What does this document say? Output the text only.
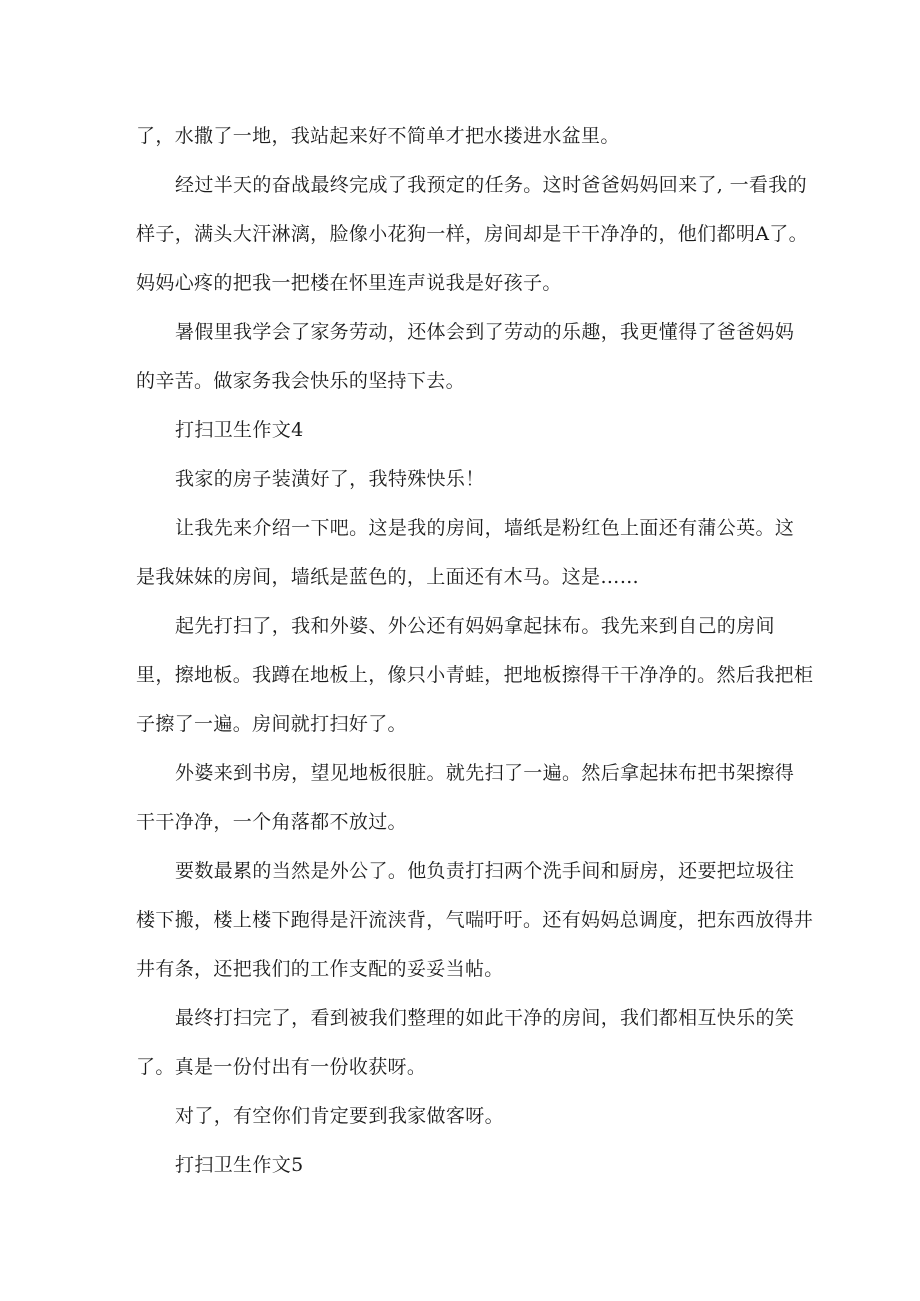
了，水撒了一地，我站起来好不简单才把水搂进水盆里。
经过半天的奋战最终完成了我预定的任务。这时爸爸妈妈回来了, 一看我的
样子，满头大汗淋漓，脸像小花狗一样，房间却是干干净净的，他们都明A了。
妈妈心疼的把我一把楼在怀里连声说我是好孩子。
暑假里我学会了家务劳动，还体会到了劳动的乐趣，我更懂得了爸爸妈妈
的辛苦。做家务我会快乐的坚持下去。
打扫卫生作文4
我家的房子装潢好了，我特殊快乐！
让我先来介绍一下吧。这是我的房间，墙纸是粉红色上面还有蒲公英。这
是我妹妹的房间，墙纸是蓝色的，上面还有木马。这是……
起先打扫了，我和外婆、外公还有妈妈拿起抹布。我先来到自己的房间
里，擦地板。我蹲在地板上，像只小青蛙，把地板擦得干干净净的。然后我把柜
子擦了一遍。房间就打扫好了。
外婆来到书房，望见地板很脏。就先扫了一遍。然后拿起抹布把书架擦得
干干净净，一个角落都不放过。
要数最累的当然是外公了。他负责打扫两个洗手间和厨房，还要把垃圾往
楼下搬，楼上楼下跑得是汗流浃背，气喘吁吁。还有妈妈总调度，把东西放得井
井有条，还把我们的工作支配的妥妥当帖。
最终打扫完了，看到被我们整理的如此干净的房间，我们都相互快乐的笑
了。真是一份付出有一份收获呀。
对了，有空你们肯定要到我家做客呀。
打扫卫生作文5
